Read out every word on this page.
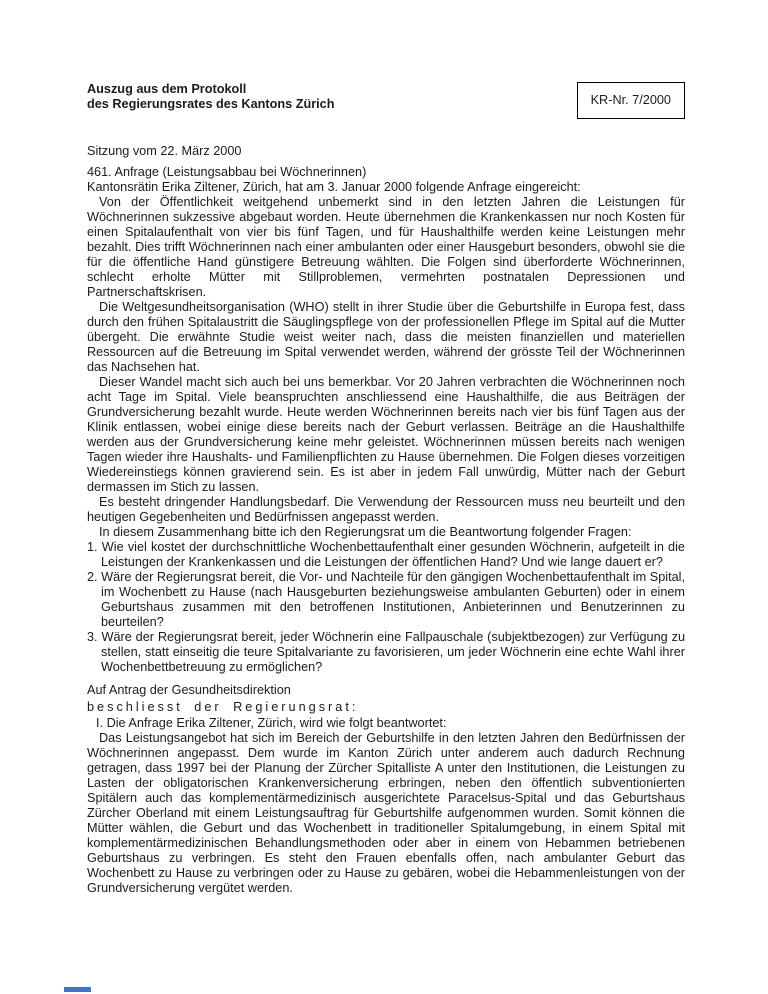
Auszug aus dem Protokoll
des Regierungsrates des Kantons Zürich	KR-Nr. 7/2000
Sitzung vom 22. März 2000
461. Anfrage (Leistungsabbau bei Wöchnerinnen)
Kantonsrätin Erika Ziltener, Zürich, hat am 3. Januar 2000 folgende Anfrage eingereicht:
Von der Öffentlichkeit weitgehend unbemerkt sind in den letzten Jahren die Leistungen für Wöchnerinnen sukzessive abgebaut worden. Heute übernehmen die Krankenkassen nur noch Kosten für einen Spitalaufenthalt von vier bis fünf Tagen, und für Haushalthilfe werden keine Leistungen mehr bezahlt. Dies trifft Wöchnerinnen nach einer ambulanten oder einer Hausgeburt besonders, obwohl sie die für die öffentliche Hand günstigere Betreuung wählten. Die Folgen sind überforderte Wöchnerinnen, schlecht erholte Mütter mit Stillproblemen, vermehrten postnatalen Depressionen und Partnerschaftskrisen.
Die Weltgesundheitsorganisation (WHO) stellt in ihrer Studie über die Geburtshilfe in Europa fest, dass durch den frühen Spitalaustritt die Säuglingspflege von der professionellen Pflege im Spital auf die Mutter übergeht. Die erwähnte Studie weist weiter nach, dass die meisten finanziellen und materiellen Ressourcen auf die Betreuung im Spital verwendet werden, während der grösste Teil der Wöchnerinnen das Nachsehen hat.
Dieser Wandel macht sich auch bei uns bemerkbar. Vor 20 Jahren verbrachten die Wöchnerinnen noch acht Tage im Spital. Viele beanspruchten anschliessend eine Haushalthilfe, die aus Beiträgen der Grundversicherung bezahlt wurde. Heute werden Wöchnerinnen bereits nach vier bis fünf Tagen aus der Klinik entlassen, wobei einige diese bereits nach der Geburt verlassen. Beiträge an die Haushalthilfe werden aus der Grundversicherung keine mehr geleistet. Wöchnerinnen müssen bereits nach wenigen Tagen wieder ihre Haushalts- und Familienpflichten zu Hause übernehmen. Die Folgen dieses vorzeitigen Wiedereinstiegs können gravierend sein. Es ist aber in jedem Fall unwürdig, Mütter nach der Geburt dermassen im Stich zu lassen.
Es besteht dringender Handlungsbedarf. Die Verwendung der Ressourcen muss neu beurteilt und den heutigen Gegebenheiten und Bedürfnissen angepasst werden.
In diesem Zusammenhang bitte ich den Regierungsrat um die Beantwortung folgender Fragen:
1. Wie viel kostet der durchschnittliche Wochenbettaufenthalt einer gesunden Wöchnerin, aufgeteilt in die Leistungen der Krankenkassen und die Leistungen der öffentlichen Hand? Und wie lange dauert er?
2. Wäre der Regierungsrat bereit, die Vor- und Nachteile für den gängigen Wochenbettaufenthalt im Spital, im Wochenbett zu Hause (nach Hausgeburten beziehungsweise ambulanten Geburten) oder in einem Geburtshaus zusammen mit den betroffenen Institutionen, Anbieterinnen und Benutzerinnen zu beurteilen?
3. Wäre der Regierungsrat bereit, jeder Wöchnerin eine Fallpauschale (subjektbezogen) zur Verfügung zu stellen, statt einseitig die teure Spitalvariante zu favorisieren, um jeder Wöchnerin eine echte Wahl ihrer Wochenbettbetreuung zu ermöglichen?
Auf Antrag der Gesundheitsdirektion
beschliesst der Regierungsrat:
I. Die Anfrage Erika Ziltener, Zürich, wird wie folgt beantwortet:
Das Leistungsangebot hat sich im Bereich der Geburtshilfe in den letzten Jahren den Bedürfnissen der Wöchnerinnen angepasst. Dem wurde im Kanton Zürich unter anderem auch dadurch Rechnung getragen, dass 1997 bei der Planung der Zürcher Spitalliste A unter den Institutionen, die Leistungen zu Lasten der obligatorischen Krankenversicherung erbringen, neben den öffentlich subventionierten Spitälern auch das komplementärmedizinisch ausgerichtete Paracelsus-Spital und das Geburtshaus Zürcher Oberland mit einem Leistungsauftrag für Geburtshilfe aufgenommen wurden. Somit können die Mütter wählen, die Geburt und das Wochenbett in traditioneller Spitalumgebung, in einem Spital mit komplementärmedizinischen Behandlungsmethoden oder aber in einem von Hebammen betriebenen Geburtshaus zu verbringen. Es steht den Frauen ebenfalls offen, nach ambulanter Geburt das Wochenbett zu Hause zu verbringen oder zu Hause zu gebären, wobei die Hebammenleistungen von der Grundversicherung vergütet werden.
